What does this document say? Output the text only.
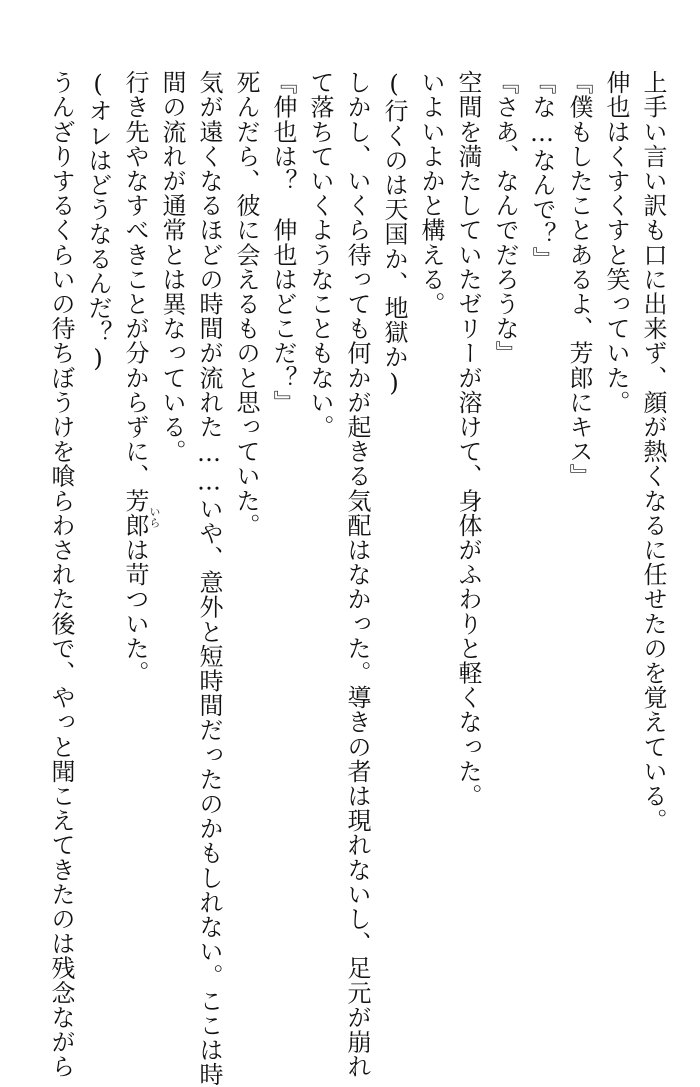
上手い言い訳も口に出来ず、顔が熱くなるに任せたのを覚えている。
伸也はくすくすと笑っていた。
『僕もしたことあるよ、芳郎にキス』
『な…なんで？』
『さあ、なんでだろうな』
空間を満たしていたゼリーが溶けて、身体がふわりと軽くなった。
いよいよかと構える。
(行くのは天国か、地獄か)
しかし、いくら待っても何かが起きる気配はなかった。導きの者は現れないし、足元が崩れ
て落ちていくようなこともない。
『伸也は？　伸也はどこだ？』
死んだら、彼に会えるものと思っていた。
気が遠くなるほどの時間が流れた……いや、意外と短時間だったのかもしれない。ここは時
間の流れが通常とは異なっている。
行き先やなすべきことが分からずに、芳郎は苛ついた。
(オレはどうなるんだ？)
うんざりするくらいの待ちぼうけを喰らわされた後で、やっと聞こえてきたのは残念ながら	いら
